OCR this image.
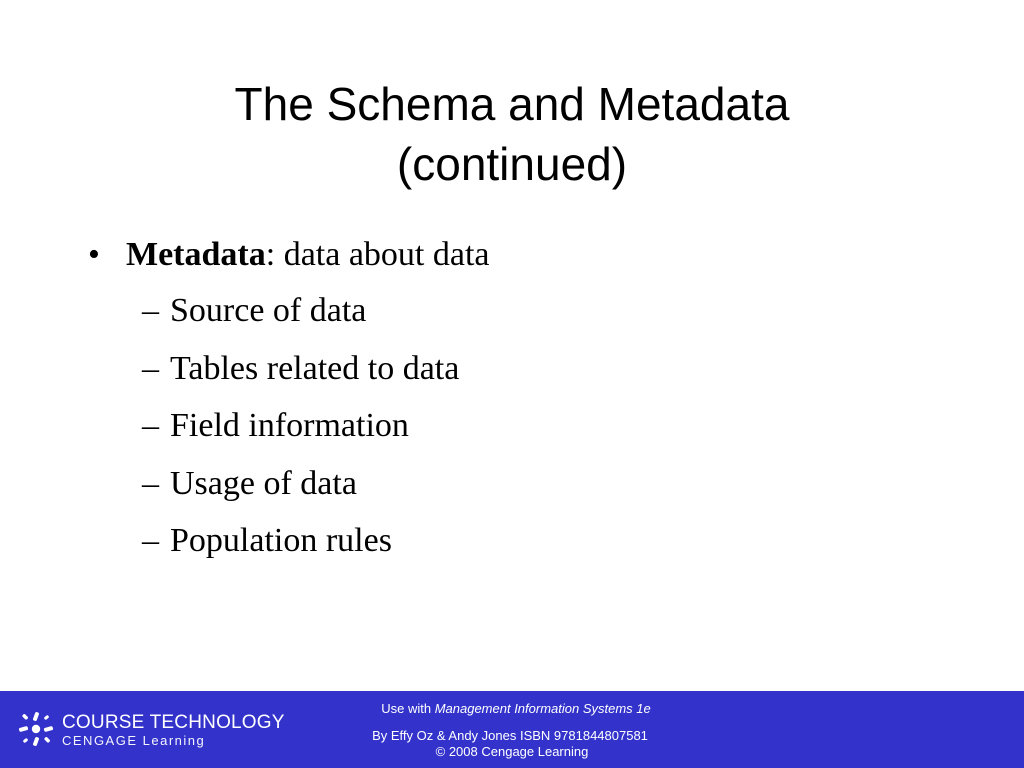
The Schema and Metadata
(continued)
• Metadata: data about data
– Source of data
– Tables related to data
– Field information
– Usage of data
– Population rules
COURSE TECHNOLOGY
CENGAGE Learning
Use with Management Information Systems 1e
By Effy Oz & Andy Jones ISBN 9781844807581
© 2008 Cengage Learning
